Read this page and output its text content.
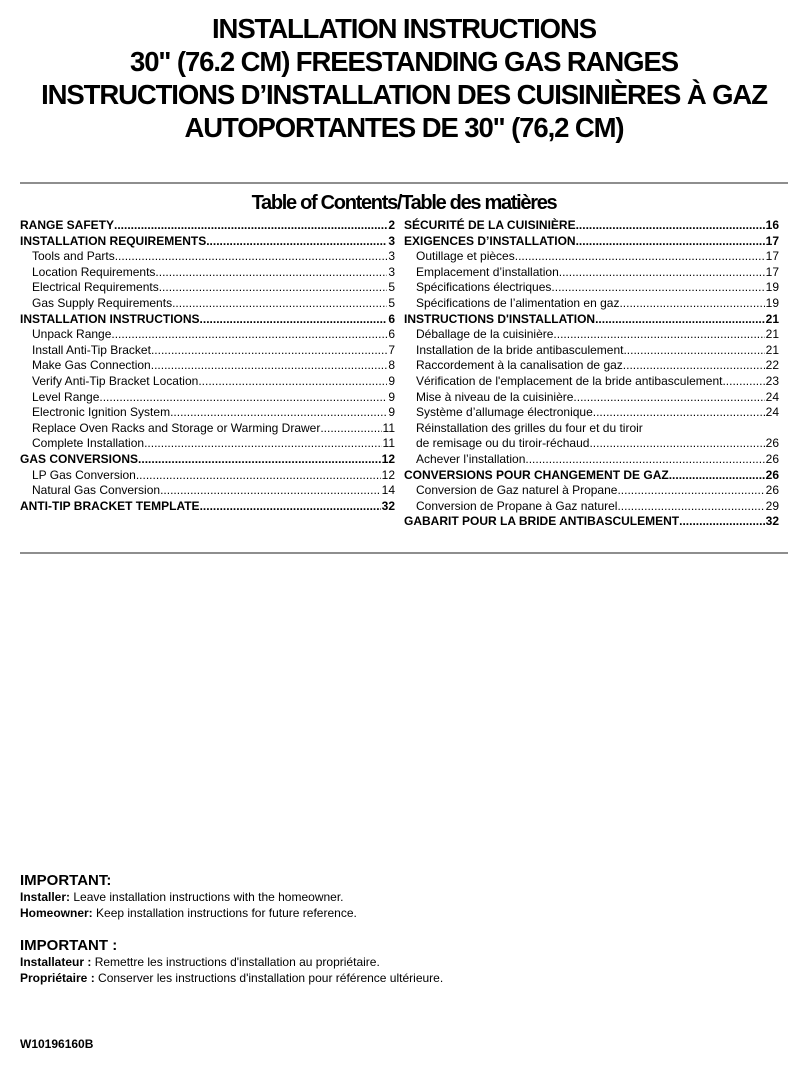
INSTALLATION INSTRUCTIONS
30" (76.2 CM) FREESTANDING GAS RANGES
INSTRUCTIONS D’INSTALLATION DES CUISINIÈRES À GAZ
AUTOPORTANTES DE 30" (76,2 CM)
Table of Contents/Table des matières
RANGE SAFETY .....	2
INSTALLATION REQUIREMENTS .....	3
Tools and Parts .....	3
Location Requirements .....	3
Electrical Requirements .....	5
Gas Supply Requirements .....	5
INSTALLATION INSTRUCTIONS .....	6
Unpack Range .....	6
Install Anti-Tip Bracket .....	7
Make Gas Connection .....	8
Verify Anti-Tip Bracket Location .....	9
Level Range .....	9
Electronic Ignition System .....	9
Replace Oven Racks and Storage or Warming Drawer .....	11
Complete Installation .....	11
GAS CONVERSIONS .....	12
LP Gas Conversion .....	12
Natural Gas Conversion .....	14
ANTI-TIP BRACKET TEMPLATE .....	32
SÉCURITÉ DE LA CUISINIÈRE .....	16
EXIGENCES D’INSTALLATION .....	17
Outillage et pièces .....	17
Emplacement d’installation .....	17
Spécifications électriques .....	19
Spécifications de l’alimentation en gaz .....	19
INSTRUCTIONS D'INSTALLATION .....	21
Déballage de la cuisinière .....	21
Installation de la bride antibasculement .....	21
Raccordement à la canalisation de gaz .....	22
Vérification de l'emplacement de la bride antibasculement .....	23
Mise à niveau de la cuisinière .....	24
Système d’allumage électronique .....	24
Réinstallation des grilles du four et du tiroir
de remisage ou du tiroir-réchaud .....	26
Achever l’installation .....	26
CONVERSIONS POUR CHANGEMENT DE GAZ .....	26
Conversion de Gaz naturel à Propane .....	26
Conversion de Propane à Gaz naturel .....	29
GABARIT POUR LA BRIDE ANTIBASCULEMENT .....	32
IMPORTANT:

Installer: Leave installation instructions with the homeowner.

Homeowner: Keep installation instructions for future reference.

IMPORTANT :

Installateur : Remettre les instructions d'installation au propriétaire.

Propriétaire : Conserver les instructions d'installation pour référence ultérieure.

W10196160B
